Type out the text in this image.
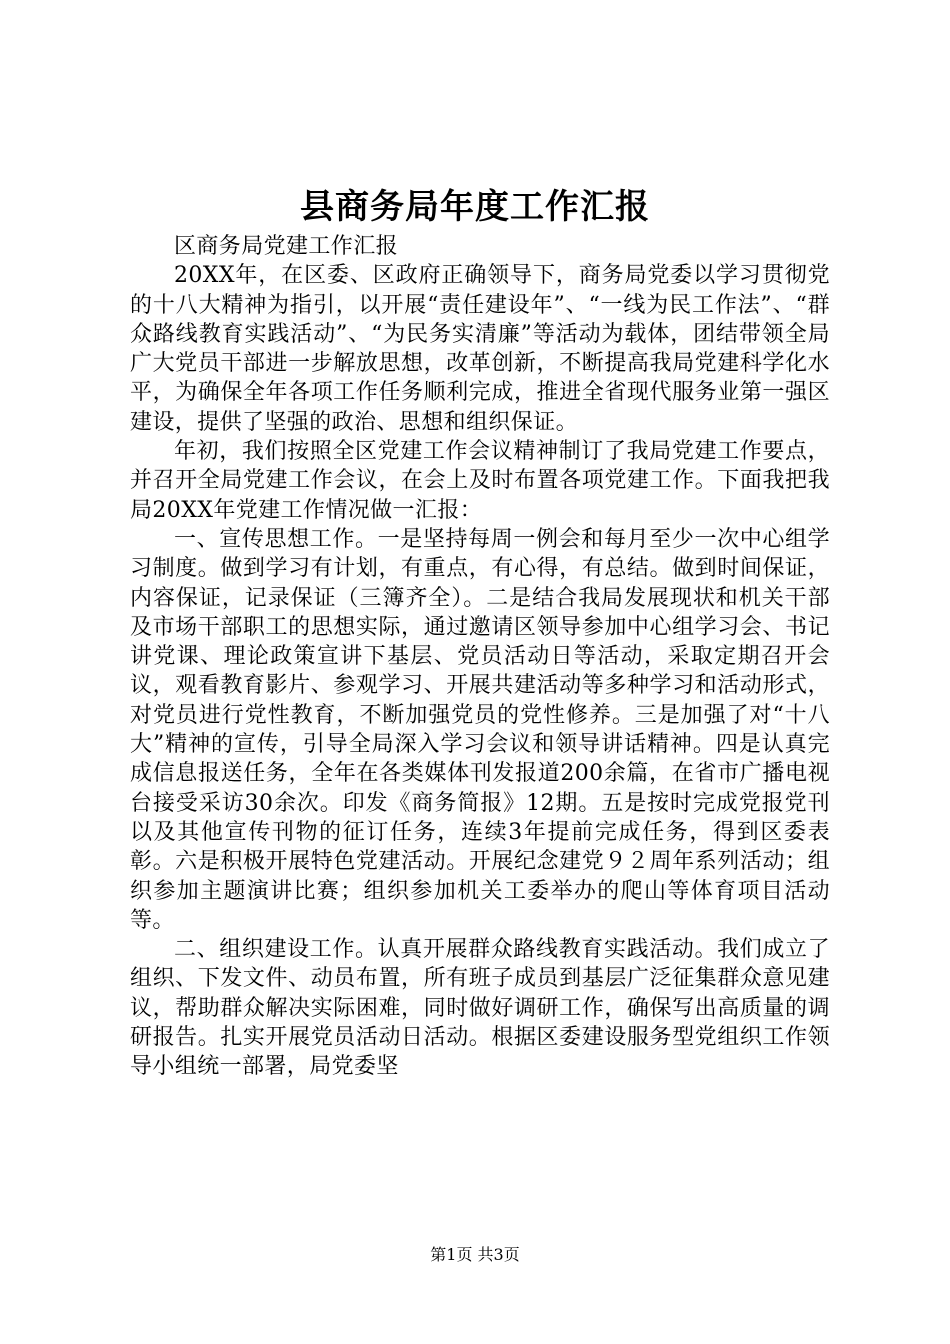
县商务局年度工作汇报

区商务局党建工作汇报

20XX年，在区委、区政府正确领导下，商务局党委以学习贯彻党的十八大精神为指引，以开展“责任建设年”、“一线为民工作法”、“群众路线教育实践活动”、“为民务实清廉”等活动为载体，团结带领全局广大党员干部进一步解放思想，改革创新，不断提高我局党建科学化水平，为确保全年各项工作任务顺利完成，推进全省现代服务业第一强区建设，提供了坚强的政治、思想和组织保证。

年初，我们按照全区党建工作会议精神制订了我局党建工作要点，并召开全局党建工作会议，在会上及时布置各项党建工作。下面我把我局20XX年党建工作情况做一汇报：

一、宣传思想工作。一是坚持每周一例会和每月至少一次中心组学习制度。做到学习有计划，有重点，有心得，有总结。做到时间保证，内容保证，记录保证（三簿齐全）。二是结合我局发展现状和机关干部及市场干部职工的思想实际，通过邀请区领导参加中心组学习会、书记讲党课、理论政策宣讲下基层、党员活动日等活动，采取定期召开会议，观看教育影片、参观学习、开展共建活动等多种学习和活动形式，对党员进行党性教育，不断加强党员的党性修养。三是加强了对“十八大”精神的宣传，引导全局深入学习会议和领导讲话精神。四是认真完成信息报送任务，全年在各类媒体刊发报道200余篇，在省市广播电视台接受采访30余次。印发《商务简报》12期。五是按时完成党报党刊以及其他宣传刊物的征订任务，连续3年提前完成任务，得到区委表彰。六是积极开展特色党建活动。开展纪念建党９２周年系列活动；组织参加主题演讲比赛；组织参加机关工委举办的爬山等体育项目活动等。

二、组织建设工作。认真开展群众路线教育实践活动。我们成立了组织、下发文件、动员布置，所有班子成员到基层广泛征集群众意见建议，帮助群众解决实际困难，同时做好调研工作，确保写出高质量的调研报告。扎实开展党员活动日活动。根据区委建设服务型党组织工作领导小组统一部署，局党委坚

第1页 共3页
